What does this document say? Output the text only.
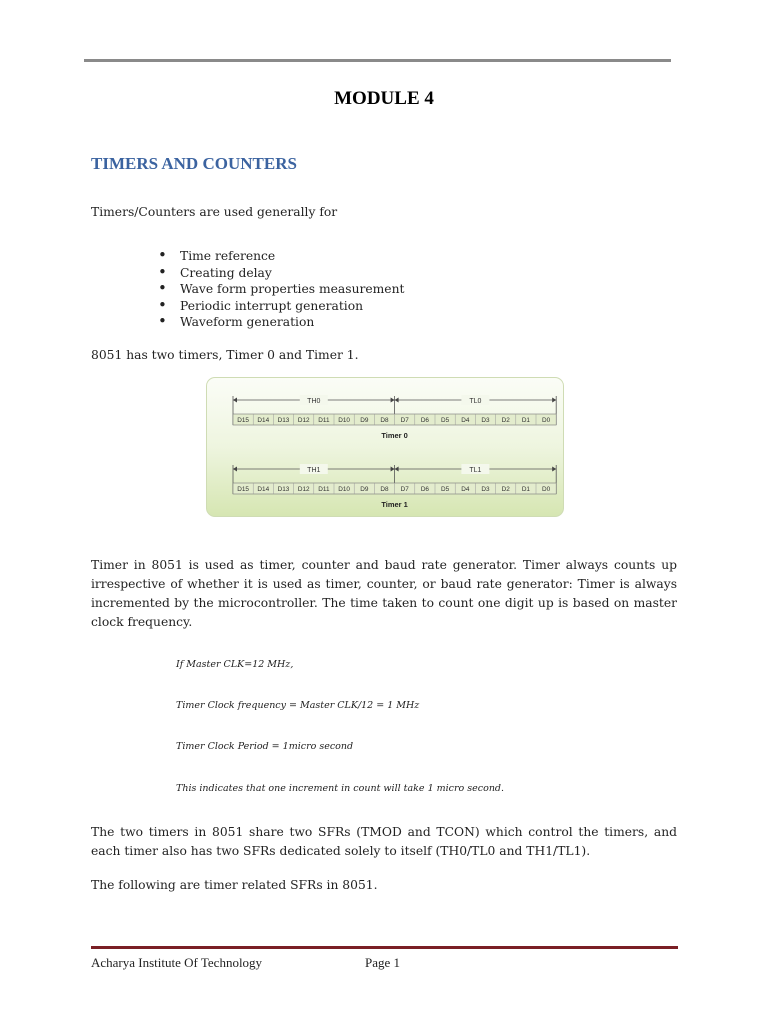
MODULE 4
TIMERS AND COUNTERS
Timers/Counters are used generally for
• Time reference
• Creating delay
• Wave form properties measurement
• Periodic interrupt generation
• Waveform generation
8051 has two timers, Timer 0 and Timer 1.
TH0	TL0
D15 D14 D13 D12 D11 D10 D9 D8 D7 D6 D5 D4 D3 D2 D1 D0
Timer 0
TH1	TL1
D15 D14 D13 D12 D11 D10 D9 D8 D7 D6 D5 D4 D3 D2 D1 D0
Timer 1
Timer in 8051 is used as timer, counter and baud rate generator. Timer always counts up irrespective of whether it is used as timer, counter, or baud rate generator: Timer is always incremented by the microcontroller. The time taken to count one digit up is based on master clock frequency.
If Master CLK=12 MHz,
Timer Clock frequency = Master CLK/12 = 1 MHz
Timer Clock Period = 1micro second
This indicates that one increment in count will take 1 micro second.
The two timers in 8051 share two SFRs (TMOD and TCON) which control the timers, and each timer also has two SFRs dedicated solely to itself (TH0/TL0 and TH1/TL1).
The following are timer related SFRs in 8051.
Acharya Institute Of Technology	Page 1
